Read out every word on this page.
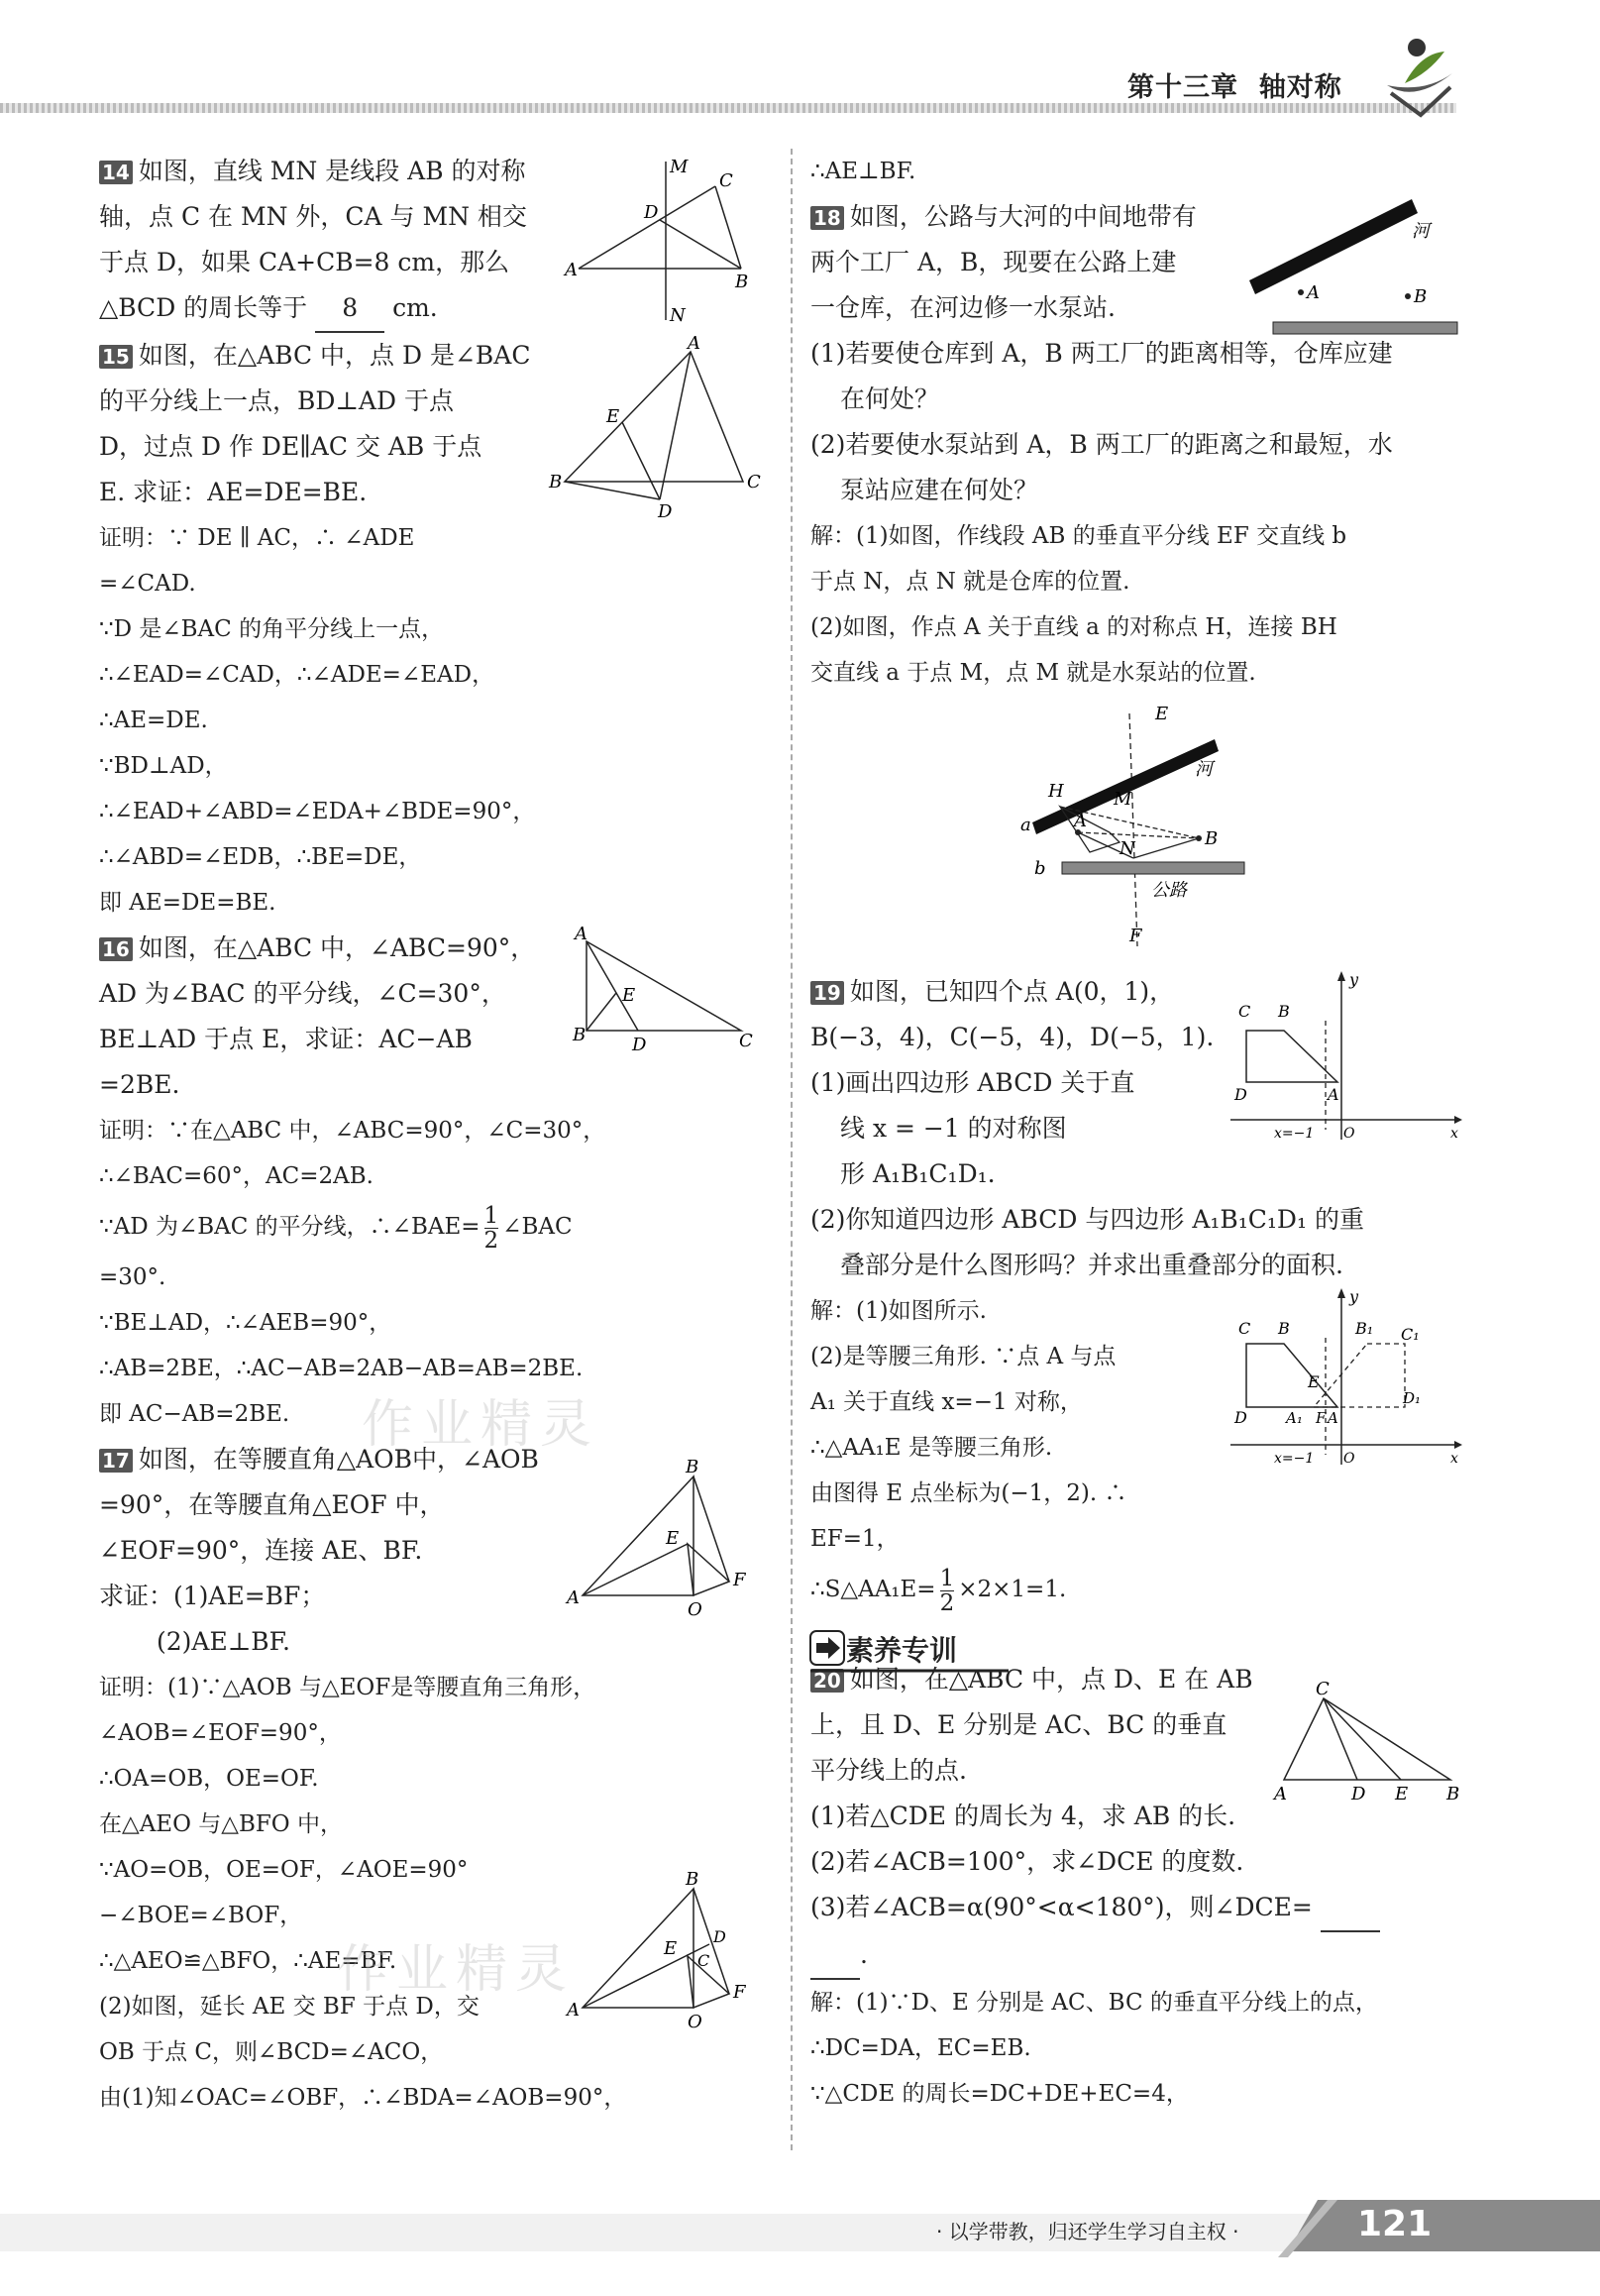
第十三章 轴对称

14 如图，直线 MN 是线段 AB 的对称

轴，点 C 在 MN 外，CA 与 MN 相交

于点 D，如果 CA+CB=8 cm，那么

△BCD 的周长等于 8 cm.

15 如图，在△ABC 中，点 D 是∠BAC

的平分线上一点，BD⊥AD 于点

D，过点 D 作 DE∥AC 交 AB 于点

E. 求证：AE=DE=BE.

证明：∵ DE ∥ AC，∴ ∠ADE

=∠CAD.

∵D 是∠BAC 的角平分线上一点，

∴∠EAD=∠CAD，∴∠ADE=∠EAD，

∴AE=DE.

∵BD⊥AD，

∴∠EAD+∠ABD=∠EDA+∠BDE=90°，

∴∠ABD=∠EDB，∴BE=DE，

即 AE=DE=BE.

16 如图，在△ABC 中，∠ABC=90°，

AD 为∠BAC 的平分线，∠C=30°，

BE⊥AD 于点 E，求证：AC−AB

=2BE.

证明：∵在△ABC 中，∠ABC=90°，∠C=30°，

∴∠BAC=60°，AC=2AB.

∵AD 为∠BAC 的平分线，∴∠BAE= $\frac{1}{2}$ ∠BAC

=30°.

∵BE⊥AD，∴∠AEB=90°，

∴AB=2BE，∴AC−AB=2AB−AB=AB=2BE.

即 AC−AB=2BE.

17 如图，在等腰直角△AOB中，∠AOB

=90°，在等腰直角△EOF 中，

∠EOF=90°，连接 AE、BF.

求证：(1)AE=BF；

(2)AE⊥BF.

证明：(1)∵△AOB 与△EOF是等腰直角三角形，

∠AOB=∠EOF=90°，

∴OA=OB，OE=OF.

在△AEO 与△BFO 中，

∵AO=OB，OE=OF，∠AOE=90°

−∠BOE=∠BOF，

∴△AEO≌△BFO，∴AE=BF.

(2)如图，延长 AE 交 BF 于点 D，交

OB 于点 C，则∠BCD=∠ACO，

由(1)知∠OAC=∠OBF，∴∠BDA=∠AOB=90°，

M
C
D
A
B
N
A
E
B	C
D
A
E
B	D	C
B
E
A
F
O
B
E
C
D
A
F
O

∴AE⊥BF.

18 如图，公路与大河的中间地带有

两个工厂 A，B，现要在公路上建

一仓库，在河边修一水泵站.

(1)若要使仓库到 A，B 两工厂的距离相等，仓库应建

在何处？

(2)若要使水泵站到 A，B 两工厂的距离之和最短，水

泵站应建在何处？

解：(1)如图，作线段 AB 的垂直平分线 EF 交直线 b

于点 N，点 N 就是仓库的位置.

(2)如图，作点 A 关于直线 a 的对称点 H，连接 BH

交直线 a 于点 M，点 M 就是水泵站的位置.

19 如图，已知四个点 A(0，1)，

B(−3，4)，C(−5，4)，D(−5，1).

(1)画出四边形 ABCD 关于直

线 x = −1 的对称图

形 A₁B₁C₁D₁.

(2)你知道四边形 ABCD 与四边形 A₁B₁C₁D₁ 的重

叠部分是什么图形吗？并求出重叠部分的面积.

解：(1)如图所示.

(2)是等腰三角形. ∵点 A 与点

A₁ 关于直线 x=−1 对称，

∴△AA₁E 是等腰三角形.

由图得 E 点坐标为(−1，2). ∴

EF=1，

∴S△AA₁E= $\frac{1}{2} \times 2\times 1=1$.

20 如图，在△ABC 中，点 D、E 在 AB

上，且 D、E 分别是 AC、BC 的垂直

平分线上的点.

(1)若△CDE 的周长为 4，求 AB 的长.

(2)若∠ACB=100°，求∠DCE 的度数.

(3)若∠ACB=α(90°<α<180°)，则∠DCE=

.

解：(1)∵D、E 分别是 AC、BC 的垂直平分线上的点，

∴DC=DA，EC=EB.

∵△CDE 的周长=DC+DE+EC=4，

素养专训
河
A	B
E
H
河
a
M
A
N	B
b
公路
F
y
C B
D	A
x=−1 O	x
y
C B	B₁ C₁
E
D	A₁ F A
D₁
x=−1 O	x
C
A	D E B
作业精灵
作业精灵
· 以学带教，归还学生学习自主权 ·	121
